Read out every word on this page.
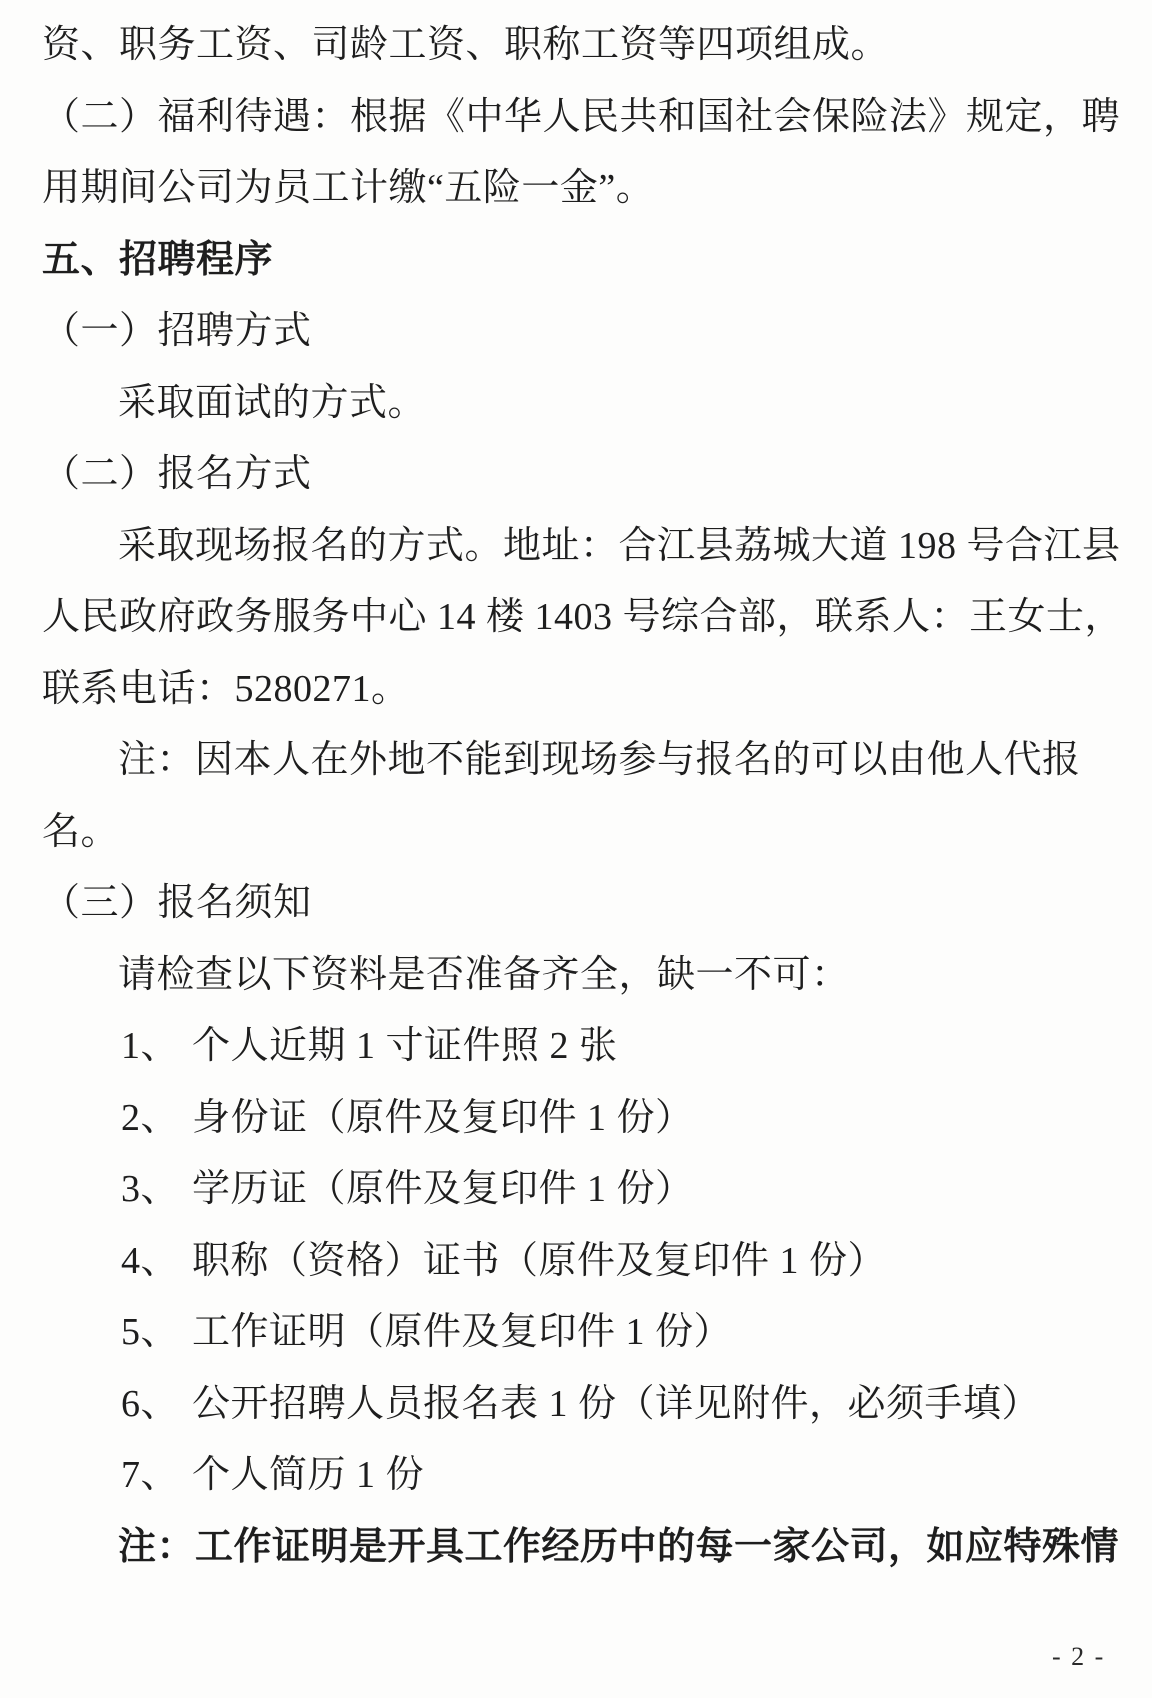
资、职务工资、司龄工资、职称工资等四项组成。

（二）福利待遇：根据《中华人民共和国社会保险法》规定，聘

用期间公司为员工计缴“五险一金”。

五、招聘程序

（一）招聘方式

采取面试的方式。

（二）报名方式

采取现场报名的方式。地址：合江县荔城大道 198 号合江县

人民政府政务服务中心 14 楼 1403 号综合部，联系人：王女士，

联系电话：5280271。

注：因本人在外地不能到现场参与报名的可以由他人代报

名。

（三）报名须知

请检查以下资料是否准备齐全，缺一不可：

1、 个人近期 1 寸证件照 2 张

2、 身份证（原件及复印件 1 份）

3、 学历证（原件及复印件 1 份）

4、 职称（资格）证书（原件及复印件 1 份）

5、 工作证明（原件及复印件 1 份）

6、 公开招聘人员报名表 1 份（详见附件，必须手填）

7、 个人简历 1 份

注：工作证明是开具工作经历中的每一家公司，如应特殊情

- 2 -
